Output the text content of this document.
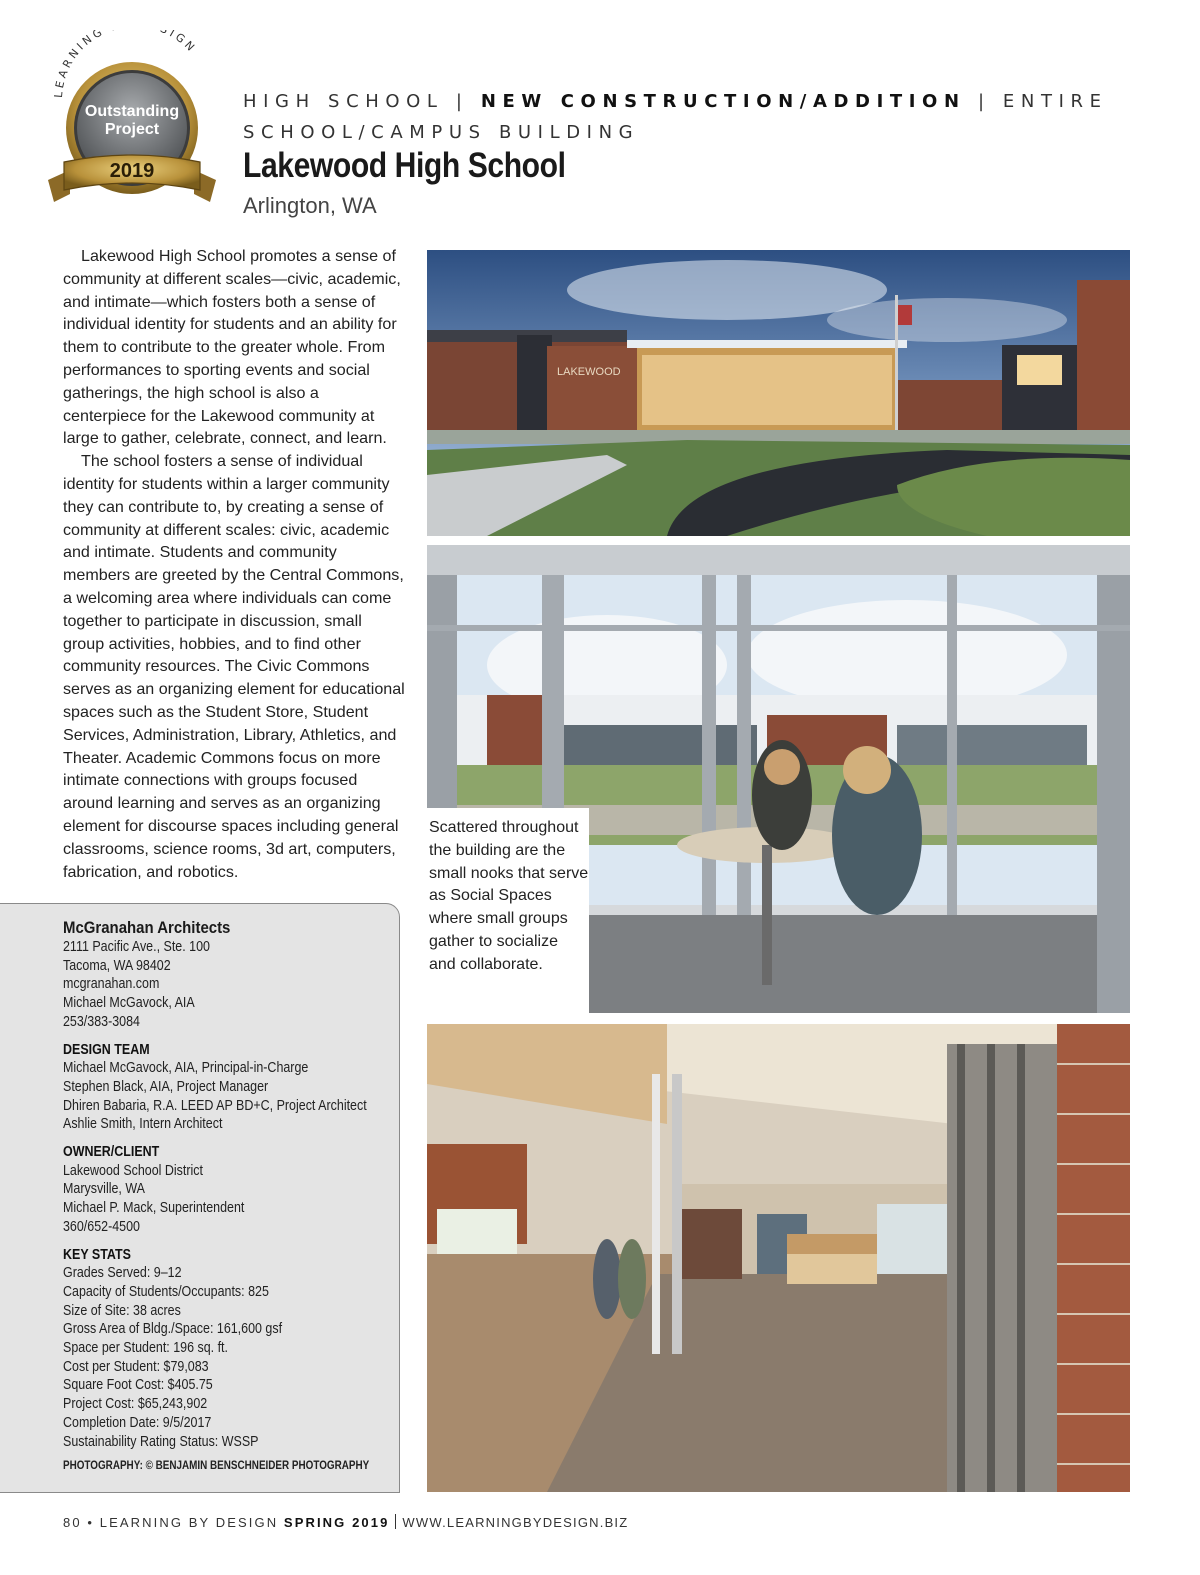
LEARNING IGN
Outstanding
Project
2019
HIGH SCHOOL | NEW CONSTRUCTION/ADDITION | ENTIRE SCHOOL/CAMPUS BUILDING
Lakewood High School
Arlington, WA

Lakewood High School promotes a sense of community at different scales—civic, academic, and intimate—which fosters both a sense of individual identity for students and an ability for them to contribute to the greater whole. From performances to sporting events and social gatherings, the high school is also a centerpiece for the Lakewood community at large to gather, celebrate, connect, and learn.

The school fosters a sense of individual identity for students within a larger community they can contribute to, by creating a sense of community at different scales: civic, academic and intimate. Students and community members are greeted by the Central Commons, a welcoming area where individuals can come together to participate in discussion, small group activities, hobbies, and to find other community resources. The Civic Commons serves as an organizing element for educational spaces such as the Student Store, Student Services, Administration, Library, Athletics, and Theater. Academic Commons focus on more intimate connections with groups focused around learning and serves as an organizing element for discourse spaces including general classrooms, science rooms, 3d art, computers, fabrication, and robotics.

LAKEWOOD
Scattered throughout the building are the small nooks that serve as Social Spaces where small groups gather to socialize and collaborate.
McGranahan Architects
2111 Pacific Ave., Ste. 100
Tacoma, WA 98402
mcgranahan.com
Michael McGavock, AIA
253/383-3084
DESIGN TEAM
Michael McGavock, AIA, Principal-in-Charge
Stephen Black, AIA, Project Manager
Dhiren Babaria, R.A. LEED AP BD+C, Project Architect
Ashlie Smith, Intern Architect
OWNER/CLIENT
Lakewood School District
Marysville, WA
Michael P. Mack, Superintendent
360/652-4500
KEY STATS
Grades Served: 9–12
Capacity of Students/Occupants: 825
Size of Site: 38 acres
Gross Area of Bldg./Space: 161,600 gsf
Space per Student: 196 sq. ft.
Cost per Student: $79,083
Square Foot Cost: $405.75
Project Cost: $65,243,902
Completion Date: 9/5/2017
Sustainability Rating Status: WSSP
PHOTOGRAPHY: © BENJAMIN BENSCHNEIDER PHOTOGRAPHY
80 • LEARNING BY DESIGN SPRING 2019 WWW.LEARNINGBYDESIGN.BIZ
